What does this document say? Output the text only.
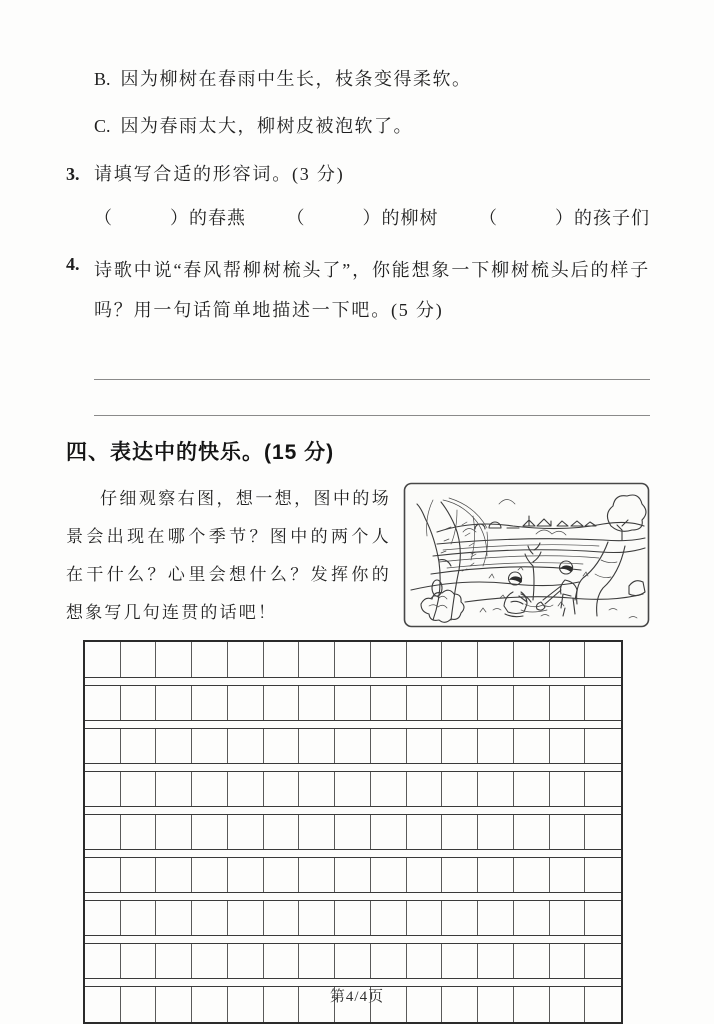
B. 因为柳树在春雨中生长，枝条变得柔软。
C. 因为春雨太大，柳树皮被泡软了。
3. 请填写合适的形容词。(3 分)
（　　　）的春燕 （　　　）的柳树 （　　　）的孩子们
4. 诗歌中说“春风帮柳树梳头了”，你能想象一下柳树梳头后的样子吗？用一句话简单地描述一下吧。(5 分)
四、表达中的快乐。(15 分)
仔细观察右图，想一想，图中的场景会出现在哪个季节？图中的两个人在干什么？心里会想什么？发挥你的想象写几句连贯的话吧！
第4/4页
